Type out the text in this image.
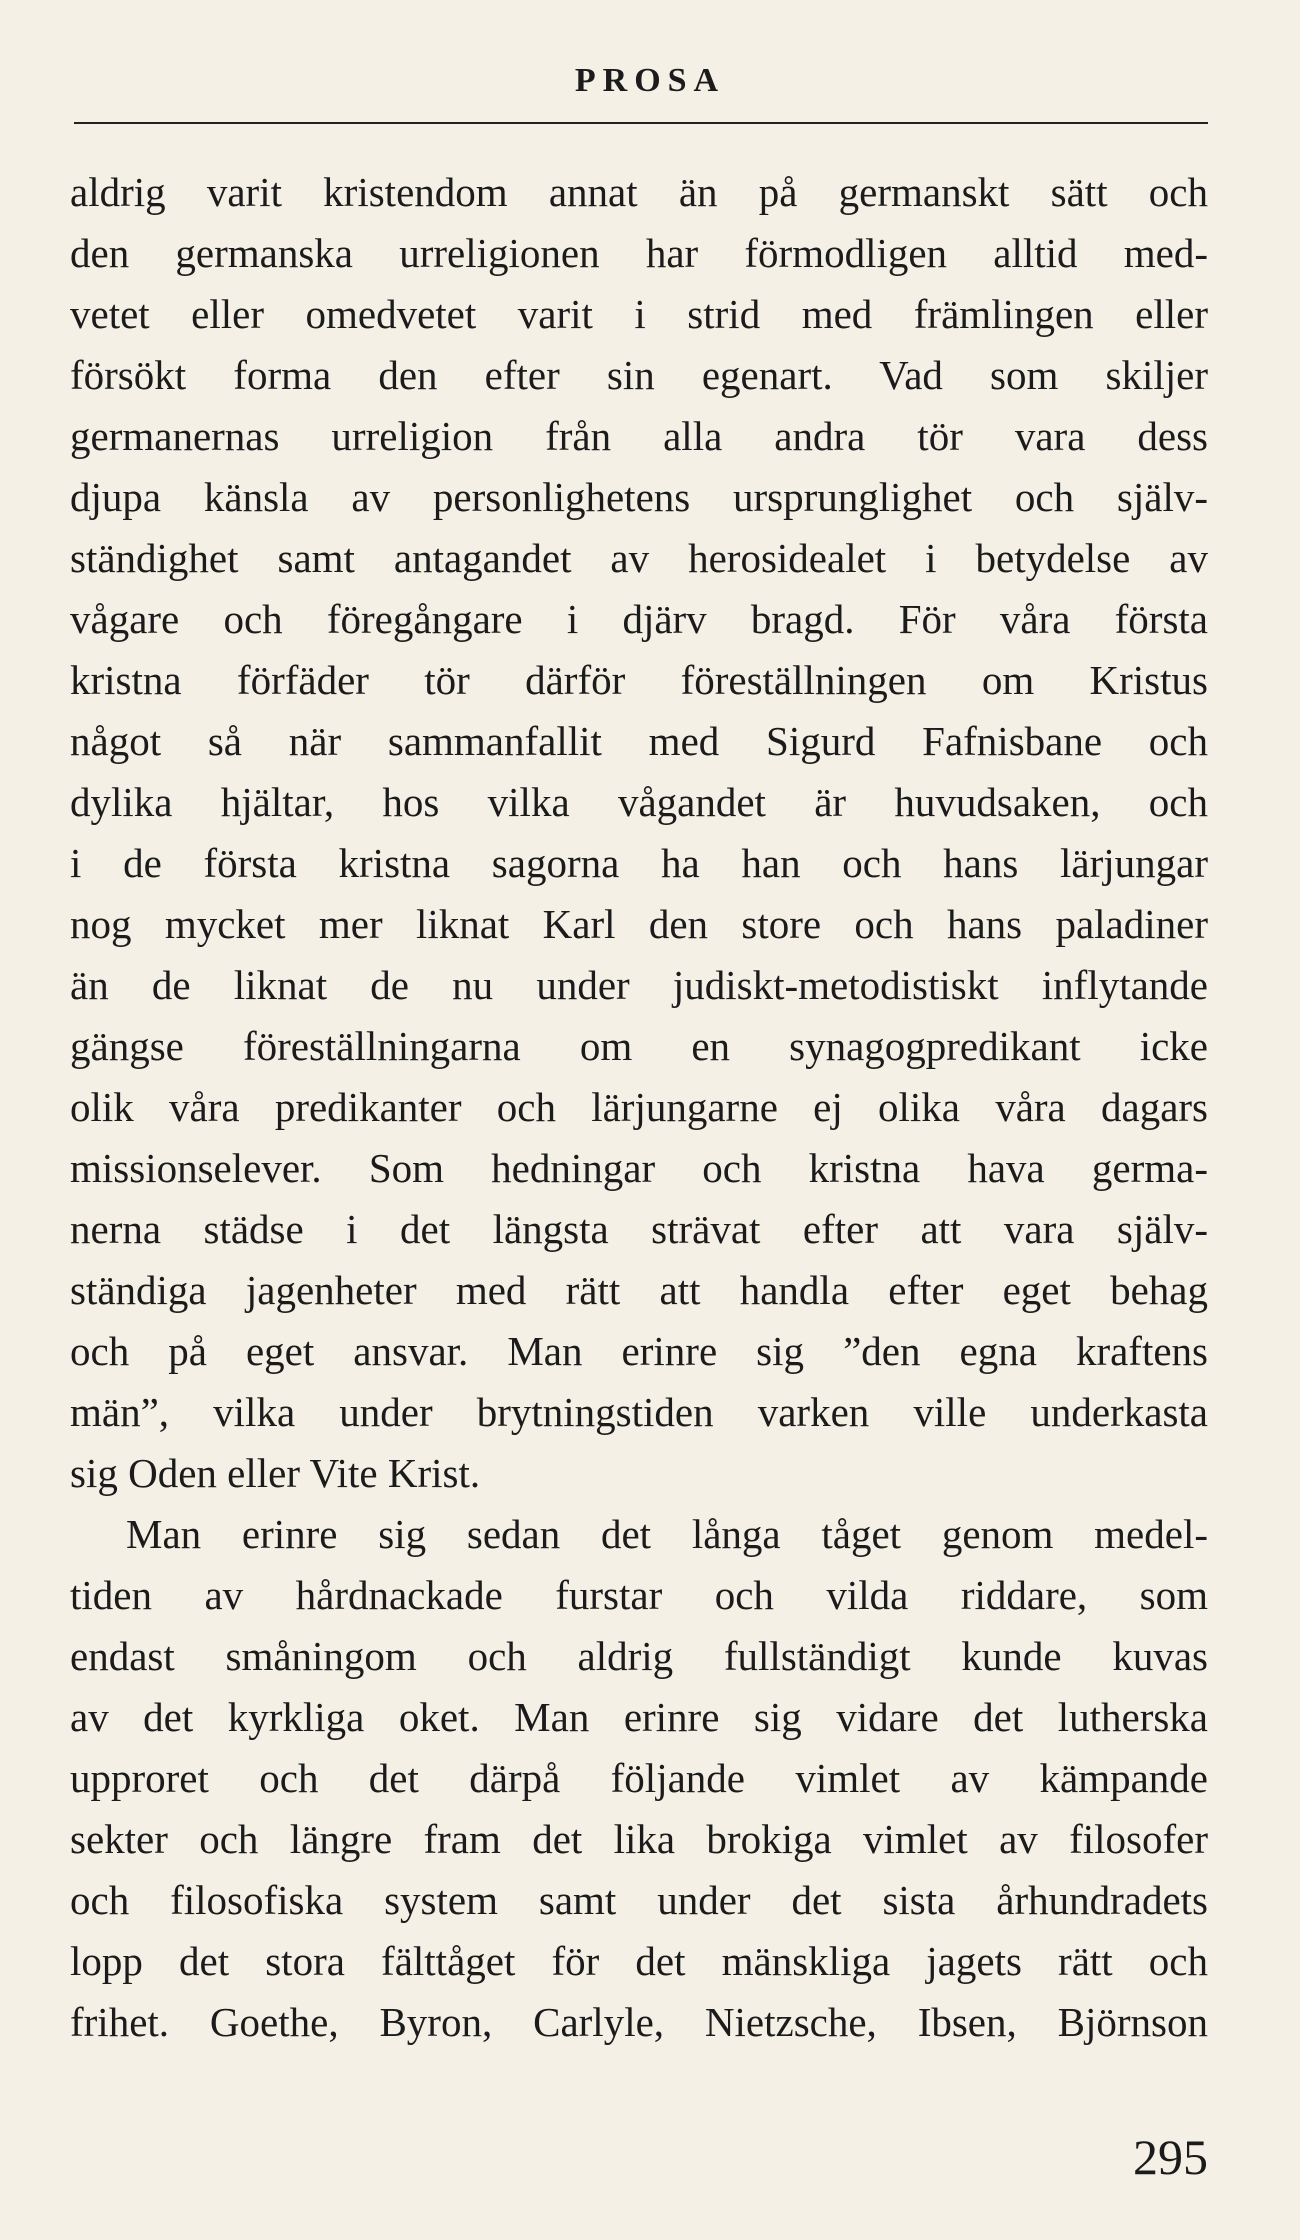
PROSA
aldrig varit kristendom annat än på germanskt sätt och
den germanska urreligionen har förmodligen alltid med-
vetet eller omedvetet varit i strid med främlingen eller
försökt forma den efter sin egenart. Vad som skiljer
germanernas urreligion från alla andra tör vara dess
djupa känsla av personlighetens ursprunglighet och själv-
ständighet samt antagandet av herosidealet i betydelse av
vågare och föregångare i djärv bragd. För våra första
kristna förfäder tör därför föreställningen om Kristus
något så när sammanfallit med Sigurd Fafnisbane och
dylika hjältar, hos vilka vågandet är huvudsaken, och
i de första kristna sagorna ha han och hans lärjungar
nog mycket mer liknat Karl den store och hans paladiner
än de liknat de nu under judiskt-metodistiskt inflytande
gängse föreställningarna om en synagogpredikant icke
olik våra predikanter och lärjungarne ej olika våra dagars
missionselever. Som hedningar och kristna hava germa-
nerna städse i det längsta strävat efter att vara själv-
ständiga jagenheter med rätt att handla efter eget behag
och på eget ansvar. Man erinre sig ”den egna kraftens
män”, vilka under brytningstiden varken ville underkasta
sig Oden eller Vite Krist.
Man erinre sig sedan det långa tåget genom medel-
tiden av hårdnackade furstar och vilda riddare, som
endast småningom och aldrig fullständigt kunde kuvas
av det kyrkliga oket. Man erinre sig vidare det lutherska
upproret och det därpå följande vimlet av kämpande
sekter och längre fram det lika brokiga vimlet av filosofer
och filosofiska system samt under det sista århundradets
lopp det stora fälttåget för det mänskliga jagets rätt och
frihet. Goethe, Byron, Carlyle, Nietzsche, Ibsen, Björnson
295
